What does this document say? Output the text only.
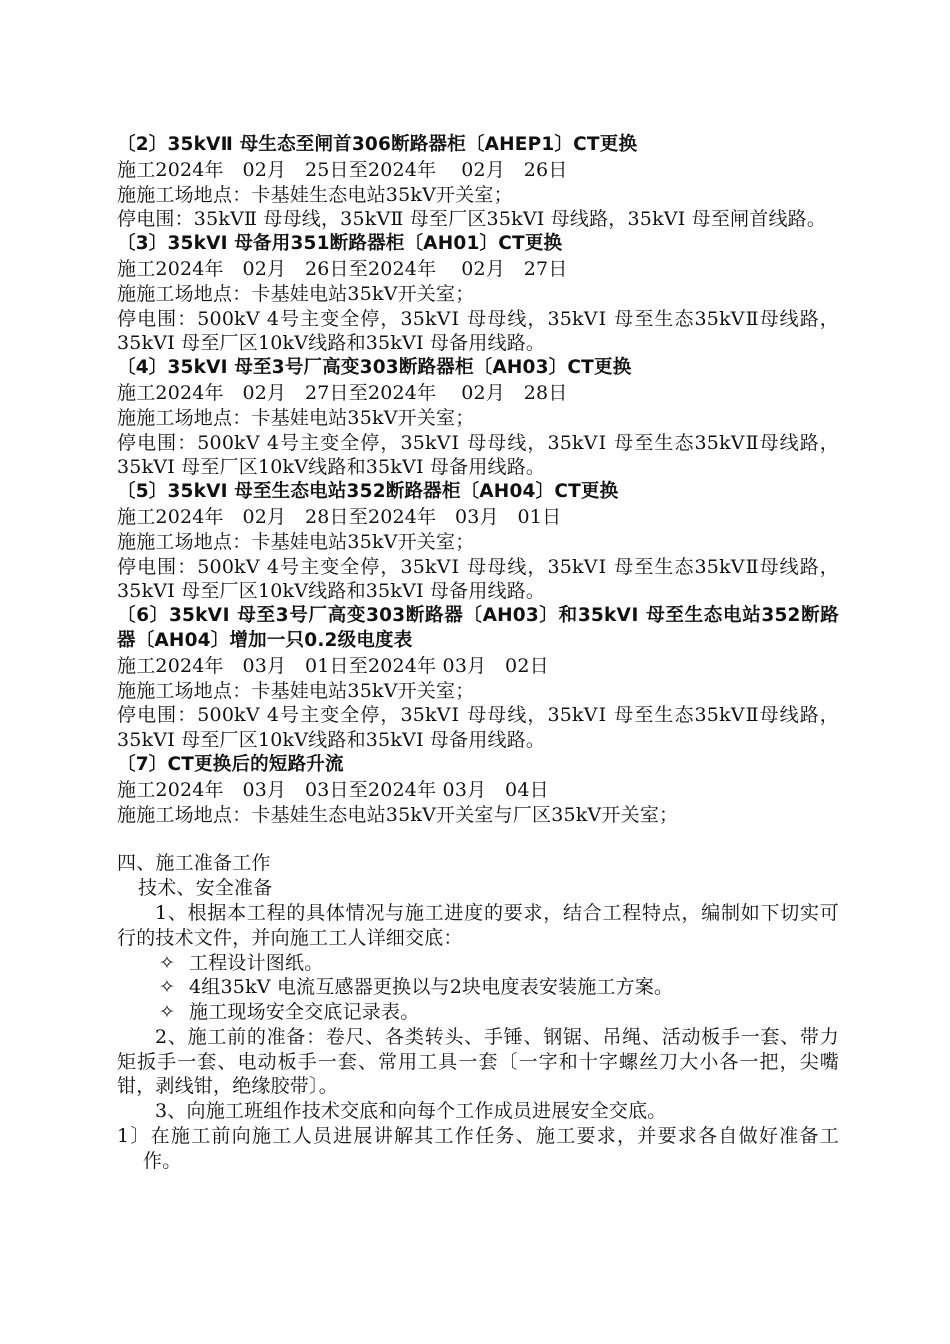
〔2〕35kVⅡ 母生态至闸首306断路器柜〔AHEP1〕CT更换
施工2024年   02月   25日至2024年    02月   26日
施施工场地点：卡基娃生态电站35kV开关室；
停电围：35kVⅡ 母母线，35kVⅡ 母至厂区35kVⅠ 母线路，35kVⅠ 母至闸首线路。
〔3〕35kVⅠ 母备用351断路器柜〔AH01〕CT更换
施工2024年   02月   26日至2024年    02月   27日
施施工场地点：卡基娃电站35kV开关室；
停电围：500kV 4号主变全停，35kVⅠ 母母线，35kVⅠ 母至生态35kVⅡ母线路，35kVⅠ 母至厂区10kV线路和35kVⅠ 母备用线路。
〔4〕35kVⅠ 母至3号厂高变303断路器柜〔AH03〕CT更换
施工2024年   02月   27日至2024年    02月   28日
施施工场地点：卡基娃电站35kV开关室；
停电围：500kV 4号主变全停，35kVⅠ 母母线，35kVⅠ 母至生态35kVⅡ母线路，35kVⅠ 母至厂区10kV线路和35kVⅠ 母备用线路。
〔5〕35kVⅠ 母至生态电站352断路器柜〔AH04〕CT更换
施工2024年   02月   28日至2024年   03月   01日
施施工场地点：卡基娃电站35kV开关室；
停电围：500kV 4号主变全停，35kVⅠ 母母线，35kVⅠ 母至生态35kVⅡ母线路，35kVⅠ 母至厂区10kV线路和35kVⅠ 母备用线路。
〔6〕35kVⅠ 母至3号厂高变303断路器〔AH03〕和35kVⅠ 母至生态电站352断路器〔AH04〕增加一只0.2级电度表
施工2024年   03月   01日至2024年 03月   02日
施施工场地点：卡基娃电站35kV开关室；
停电围：500kV 4号主变全停，35kVⅠ 母母线，35kVⅠ 母至生态35kVⅡ母线路，35kVⅠ 母至厂区10kV线路和35kVⅠ 母备用线路。
〔7〕CT更换后的短路升流
施工2024年   03月   03日至2024年 03月   04日
施施工场地点：卡基娃生态电站35kV开关室与厂区35kV开关室；
四、施工准备工作
技术、安全准备
1、根据本工程的具体情况与施工进度的要求，结合工程特点，编制如下切实可行的技术文件，并向施工工人详细交底：
✧ 工程设计图纸。
✧ 4组35kV 电流互感器更换以与2块电度表安装施工方案。
✧ 施工现场安全交底记录表。
2、施工前的准备：卷尺、各类转头、手锤、钢锯、吊绳、活动板手一套、带力矩扳手一套、电动板手一套、常用工具一套〔一字和十字螺丝刀大小各一把，尖嘴钳，剥线钳，绝缘胶带〕。
3、向施工班组作技术交底和向每个工作成员进展安全交底。
1〕在施工前向施工人员进展讲解其工作任务、施工要求，并要求各自做好准备工作。
